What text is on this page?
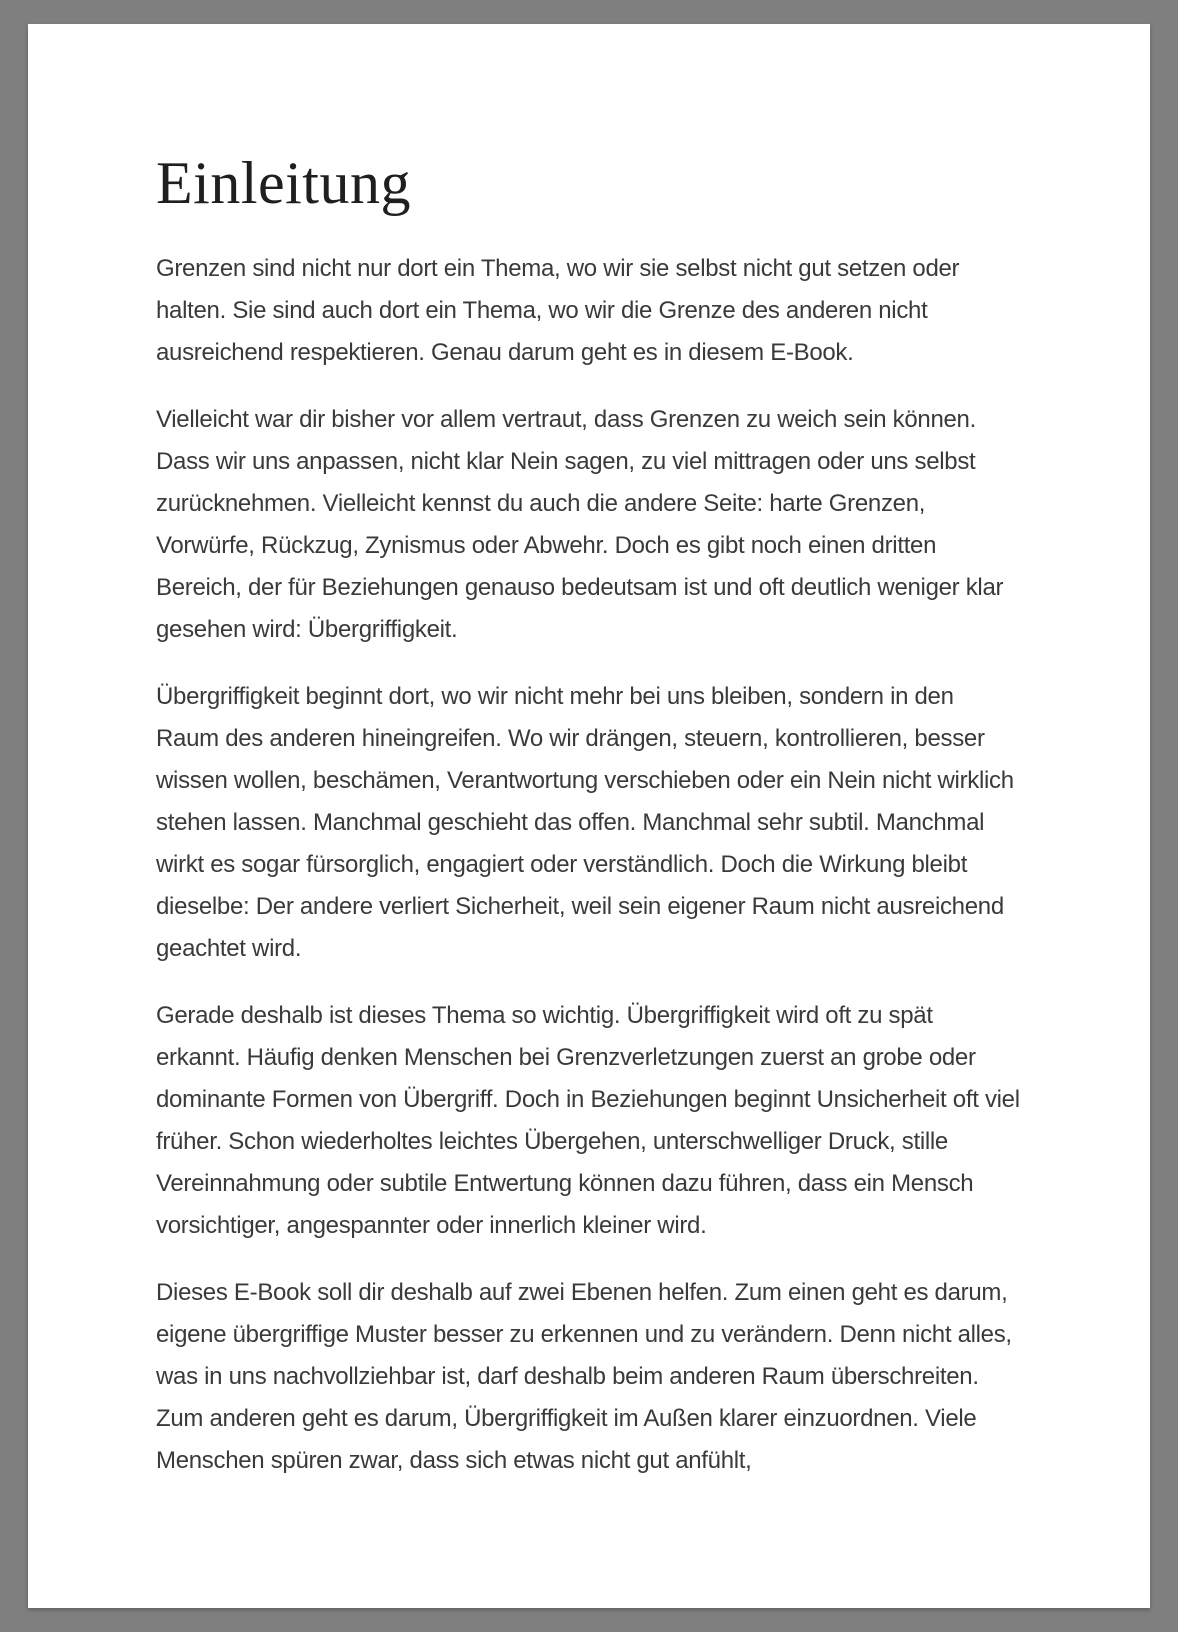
Einleitung

Grenzen sind nicht nur dort ein Thema, wo wir sie selbst nicht gut setzen oder halten. Sie sind auch dort ein Thema, wo wir die Grenze des anderen nicht ausreichend respektieren. Genau darum geht es in diesem E-Book.

Vielleicht war dir bisher vor allem vertraut, dass Grenzen zu weich sein können. Dass wir uns anpassen, nicht klar Nein sagen, zu viel mittragen oder uns selbst zurücknehmen. Vielleicht kennst du auch die andere Seite: harte Grenzen, Vorwürfe, Rückzug, Zynismus oder Abwehr. Doch es gibt noch einen dritten Bereich, der für Beziehungen genauso bedeutsam ist und oft deutlich weniger klar gesehen wird: Übergriffigkeit.

Übergriffigkeit beginnt dort, wo wir nicht mehr bei uns bleiben, sondern in den Raum des anderen hineingreifen. Wo wir drängen, steuern, kontrollieren, besser wissen wollen, beschämen, Verantwortung verschieben oder ein Nein nicht wirklich stehen lassen. Manchmal geschieht das offen. Manchmal sehr subtil. Manchmal wirkt es sogar fürsorglich, engagiert oder verständlich. Doch die Wirkung bleibt dieselbe: Der andere verliert Sicherheit, weil sein eigener Raum nicht ausreichend geachtet wird.

Gerade deshalb ist dieses Thema so wichtig. Übergriffigkeit wird oft zu spät erkannt. Häufig denken Menschen bei Grenzverletzungen zuerst an grobe oder dominante Formen von Übergriff. Doch in Beziehungen beginnt Unsicherheit oft viel früher. Schon wiederholtes leichtes Übergehen, unterschwelliger Druck, stille Vereinnahmung oder subtile Entwertung können dazu führen, dass ein Mensch vorsichtiger, angespannter oder innerlich kleiner wird.

Dieses E-Book soll dir deshalb auf zwei Ebenen helfen. Zum einen geht es darum, eigene übergriffige Muster besser zu erkennen und zu verändern. Denn nicht alles, was in uns nachvollziehbar ist, darf deshalb beim anderen Raum überschreiten. Zum anderen geht es darum, Übergriffigkeit im Außen klarer einzuordnen. Viele Menschen spüren zwar, dass sich etwas nicht gut anfühlt,
